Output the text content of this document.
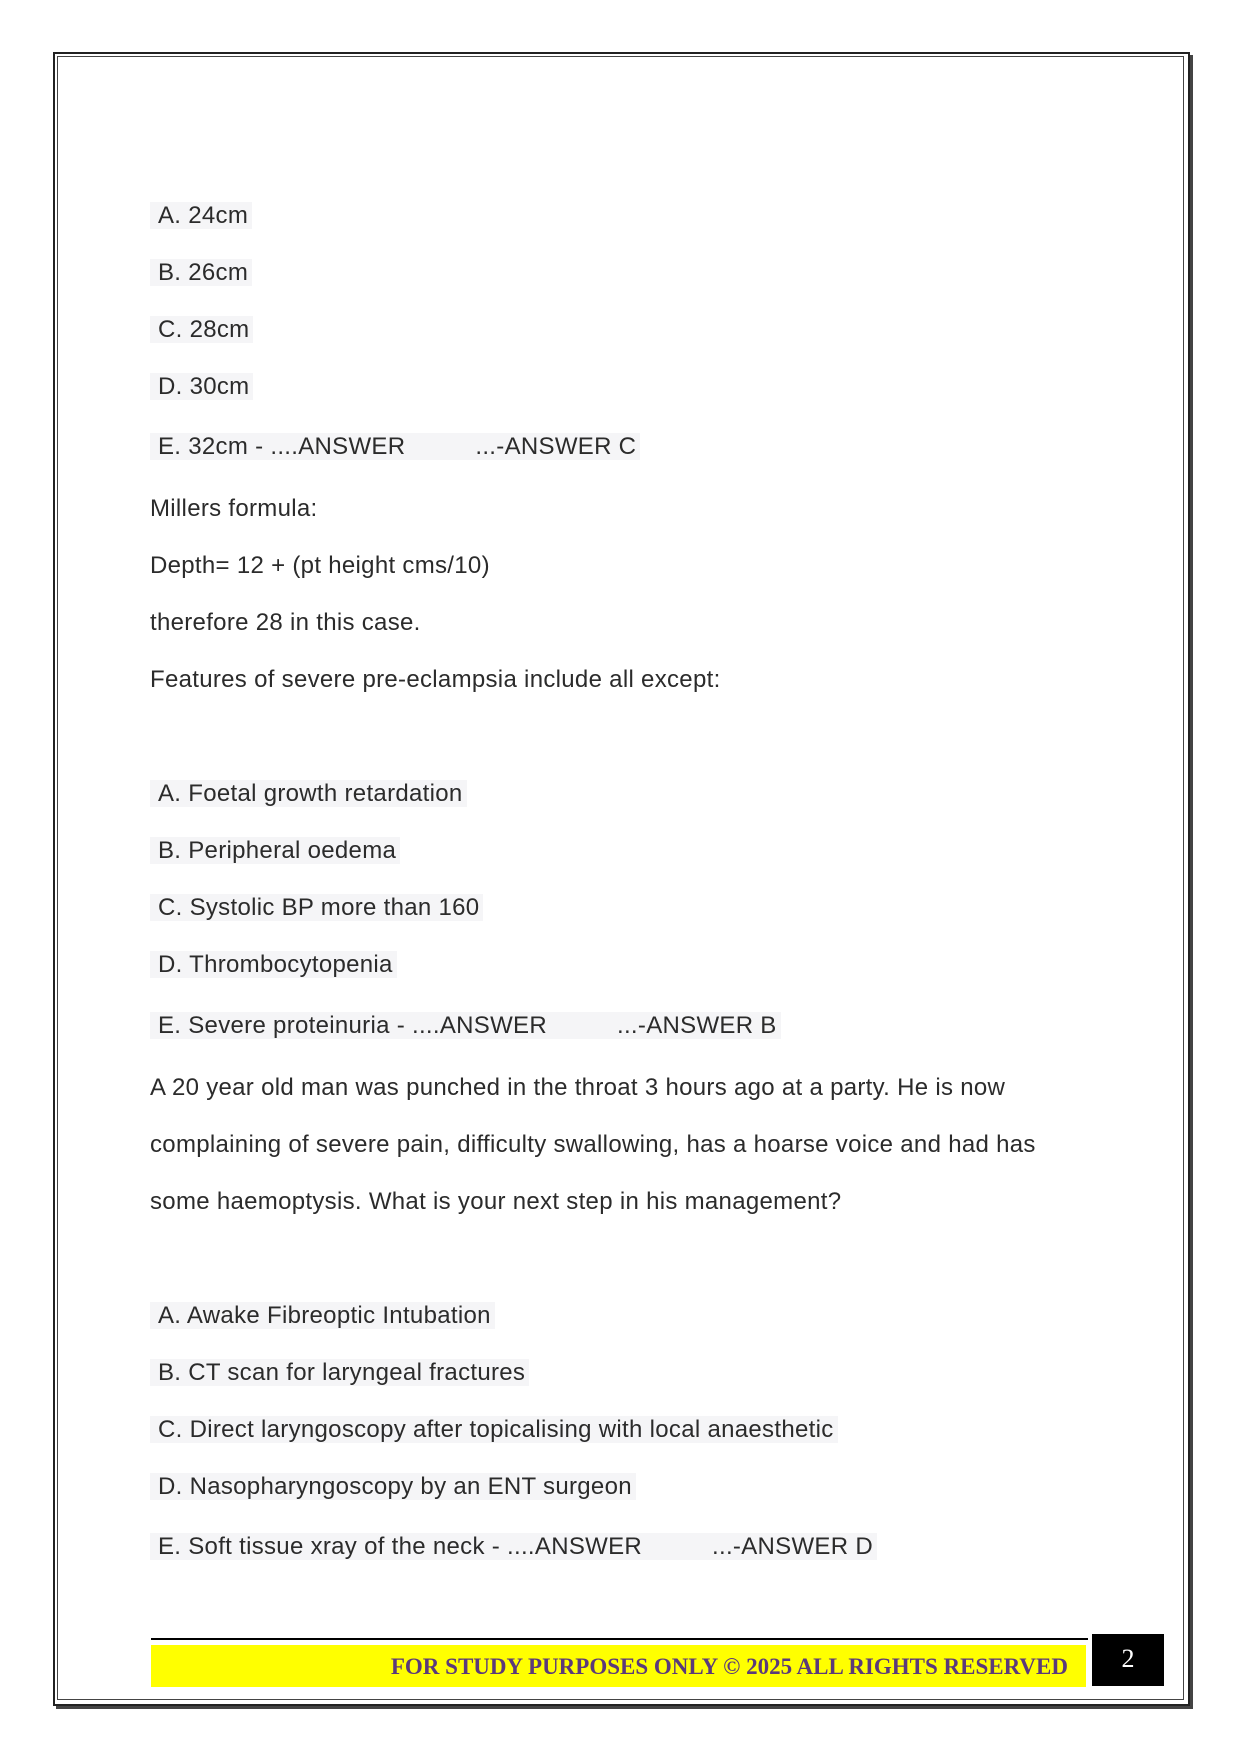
A. 24cm
B. 26cm
C. 28cm
D. 30cm
E. 32cm - ....ANSWER	...-ANSWER C
Millers formula:
Depth= 12 + (pt height cms/10)
therefore 28 in this case.
Features of severe pre-eclampsia include all except:
A. Foetal growth retardation
B. Peripheral oedema
C. Systolic BP more than 160
D. Thrombocytopenia
E. Severe proteinuria - ....ANSWER	...-ANSWER B
A 20 year old man was punched in the throat 3 hours ago at a party. He is now
complaining of severe pain, difficulty swallowing, has a hoarse voice and had has
some haemoptysis. What is your next step in his management?
A. Awake Fibreoptic Intubation
B. CT scan for laryngeal fractures
C. Direct laryngoscopy after topicalising with local anaesthetic
D. Nasopharyngoscopy by an ENT surgeon
E. Soft tissue xray of the neck - ....ANSWER	...-ANSWER D
FOR STUDY PURPOSES ONLY © 2025 ALL RIGHTS RESERVED	2
